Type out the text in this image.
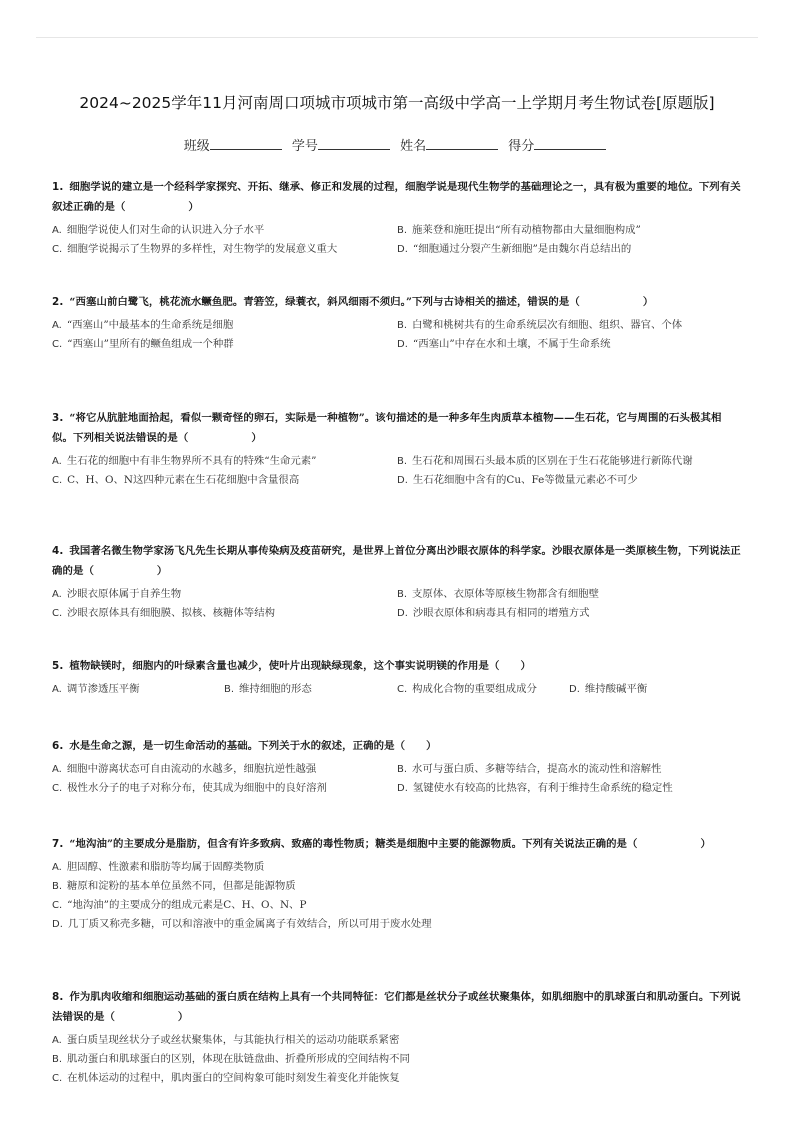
2024~2025学年11月河南周口项城市项城市第一高级中学高一上学期月考生物试卷[原题版]
班级	学号	姓名	得分
1. 细胞学说的建立是一个经科学家探究、开拓、继承、修正和发展的过程，细胞学说是现代生物学的基础理论之一，具有极为重要的地位。下列有关叙述正确的是（　　　　　　）
A. 细胞学说使人们对生命的认识进入分子水平	B. 施莱登和施旺提出“所有动植物都由大量细胞构成”
C. 细胞学说揭示了生物界的多样性，对生物学的发展意义重大	D. “细胞通过分裂产生新细胞”是由魏尔肖总结出的
2. “西塞山前白鹭飞，桃花流水鳜鱼肥。青箬笠，绿蓑衣，斜风细雨不须归。”下列与古诗相关的描述，错误的是（　　　　　　）
A. “西塞山”中最基本的生命系统是细胞	B. 白鹭和桃树共有的生命系统层次有细胞、组织、器官、个体
C. “西塞山”里所有的鳜鱼组成一个种群	D. “西塞山”中存在水和土壤，不属于生命系统
3. “将它从肮脏地面拾起，看似一颗奇怪的卵石，实际是一种植物”。该句描述的是一种多年生肉质草本植物——生石花，它与周围的石头极其相似。下列相关说法错误的是（　　　　　　）
A. 生石花的细胞中有非生物界所不具有的特殊“生命元素”	B. 生石花和周围石头最本质的区别在于生石花能够进行新陈代谢
C. C、H、O、N这四种元素在生石花细胞中含量很高	D. 生石花细胞中含有的Cu、Fe等微量元素必不可少
4. 我国著名微生物学家汤飞凡先生长期从事传染病及疫苗研究，是世界上首位分离出沙眼衣原体的科学家。沙眼衣原体是一类原核生物，下列说法正确的是（　　　　　　）
A. 沙眼衣原体属于自养生物	B. 支原体、衣原体等原核生物都含有细胞壁
C. 沙眼衣原体具有细胞膜、拟核、核糖体等结构	D. 沙眼衣原体和病毒具有相同的增殖方式
5. 植物缺镁时，细胞内的叶绿素含量也减少，使叶片出现缺绿现象，这个事实说明镁的作用是（　　）
A. 调节渗透压平衡	B. 维持细胞的形态	C. 构成化合物的重要组成成分	D. 维持酸碱平衡
6. 水是生命之源，是一切生命活动的基础。下列关于水的叙述，正确的是（　　）
A. 细胞中游离状态可自由流动的水越多，细胞抗逆性越强	B. 水可与蛋白质、多糖等结合，提高水的流动性和溶解性
C. 极性水分子的电子对称分布，使其成为细胞中的良好溶剂	D. 氢键使水有较高的比热容，有利于维持生命系统的稳定性
7. “地沟油”的主要成分是脂肪，但含有许多致病、致癌的毒性物质；糖类是细胞中主要的能源物质。下列有关说法正确的是（　　　　　　）
A. 胆固醇、性激素和脂肪等均属于固醇类物质
B. 糖原和淀粉的基本单位虽然不同，但都是能源物质
C. “地沟油”的主要成分的组成元素是C、H、O、N、P
D. 几丁质又称壳多糖，可以和溶液中的重金属离子有效结合，所以可用于废水处理
8. 作为肌肉收缩和细胞运动基础的蛋白质在结构上具有一个共同特征：它们都是丝状分子或丝状聚集体，如肌细胞中的肌球蛋白和肌动蛋白。下列说法错误的是（　　　　　　）
A. 蛋白质呈现丝状分子或丝状聚集体，与其能执行相关的运动功能联系紧密
B. 肌动蛋白和肌球蛋白的区别，体现在肽链盘曲、折叠所形成的空间结构不同
C. 在机体运动的过程中，肌肉蛋白的空间构象可能时刻发生着变化并能恢复
